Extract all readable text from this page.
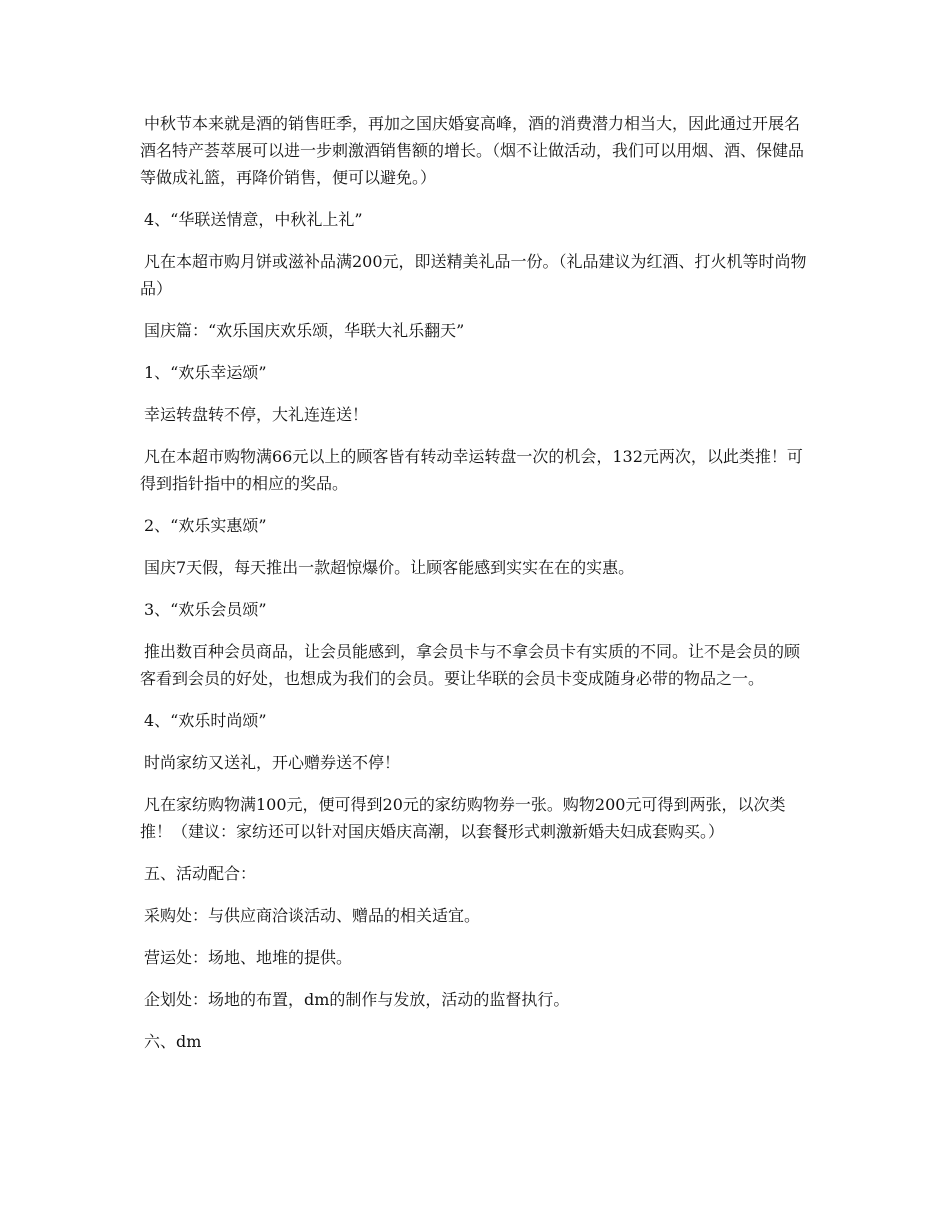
中秋节本来就是酒的销售旺季，再加之国庆婚宴高峰，酒的消费潜力相当大，因此通过开展名酒名特产荟萃展可以进一步刺激酒销售额的增长。（烟不让做活动，我们可以用烟、酒、保健品等做成礼篮，再降价销售，便可以避免。）

4、“华联送情意，中秋礼上礼”

凡在本超市购月饼或滋补品满200元，即送精美礼品一份。（礼品建议为红酒、打火机等时尚物品）

国庆篇：“欢乐国庆欢乐颂，华联大礼乐翻天”

1、“欢乐幸运颂”

幸运转盘转不停，大礼连连送！

凡在本超市购物满66元以上的顾客皆有转动幸运转盘一次的机会，132元两次，以此类推！可得到指针指中的相应的奖品。

2、“欢乐实惠颂”

国庆7天假，每天推出一款超惊爆价。让顾客能感到实实在在的实惠。

3、“欢乐会员颂”

推出数百种会员商品，让会员能感到，拿会员卡与不拿会员卡有实质的不同。让不是会员的顾客看到会员的好处，也想成为我们的会员。要让华联的会员卡变成随身必带的物品之一。

4、“欢乐时尚颂”

时尚家纺又送礼，开心赠券送不停！

凡在家纺购物满100元，便可得到20元的家纺购物券一张。购物200元可得到两张，以次类推！（建议：家纺还可以针对国庆婚庆高潮，以套餐形式刺激新婚夫妇成套购买。）

五、活动配合：

采购处：与供应商洽谈活动、赠品的相关适宜。

营运处：场地、地堆的提供。

企划处：场地的布置，dm的制作与发放，活动的监督执行。

六、dm
